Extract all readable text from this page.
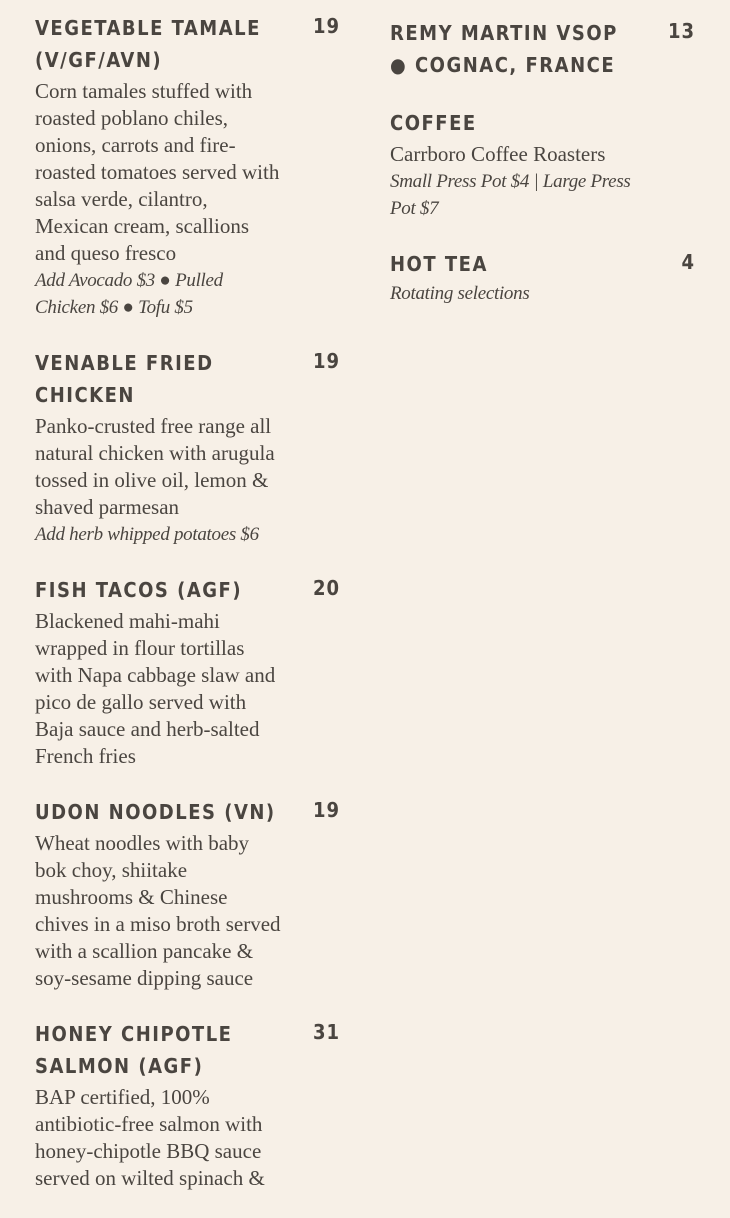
VEGETABLE TAMALE (V/GF/AVN)
19
Corn tamales stuffed with roasted poblano chiles, onions, carrots and fire-roasted tomatoes served with salsa verde, cilantro, Mexican cream, scallions and queso fresco
Add Avocado $3 ● Pulled Chicken $6 ● Tofu $5
VENABLE FRIED CHICKEN
19
Panko-crusted free range all natural chicken with arugula tossed in olive oil, lemon & shaved parmesan
Add herb whipped potatoes $6
FISH TACOS (AGF)	20
Blackened mahi-mahi wrapped in flour tortillas with Napa cabbage slaw and pico de gallo served with Baja sauce and herb-salted French fries
UDON NOODLES (VN) 19
Wheat noodles with baby bok choy, shiitake mushrooms & Chinese chives in a miso broth served with a scallion pancake & soy-sesame dipping sauce
HONEY CHIPOTLE SALMON (AGF)
31
BAP certified, 100% antibiotic-free salmon with honey-chipotle BBQ sauce served on wilted spinach &
REMY MARTIN VSOP ● COGNAC, FRANCE
13
COFFEE
Carrboro Coffee Roasters
Small Press Pot $4 | Large Press Pot $7
HOT TEA	4
Rotating selections
